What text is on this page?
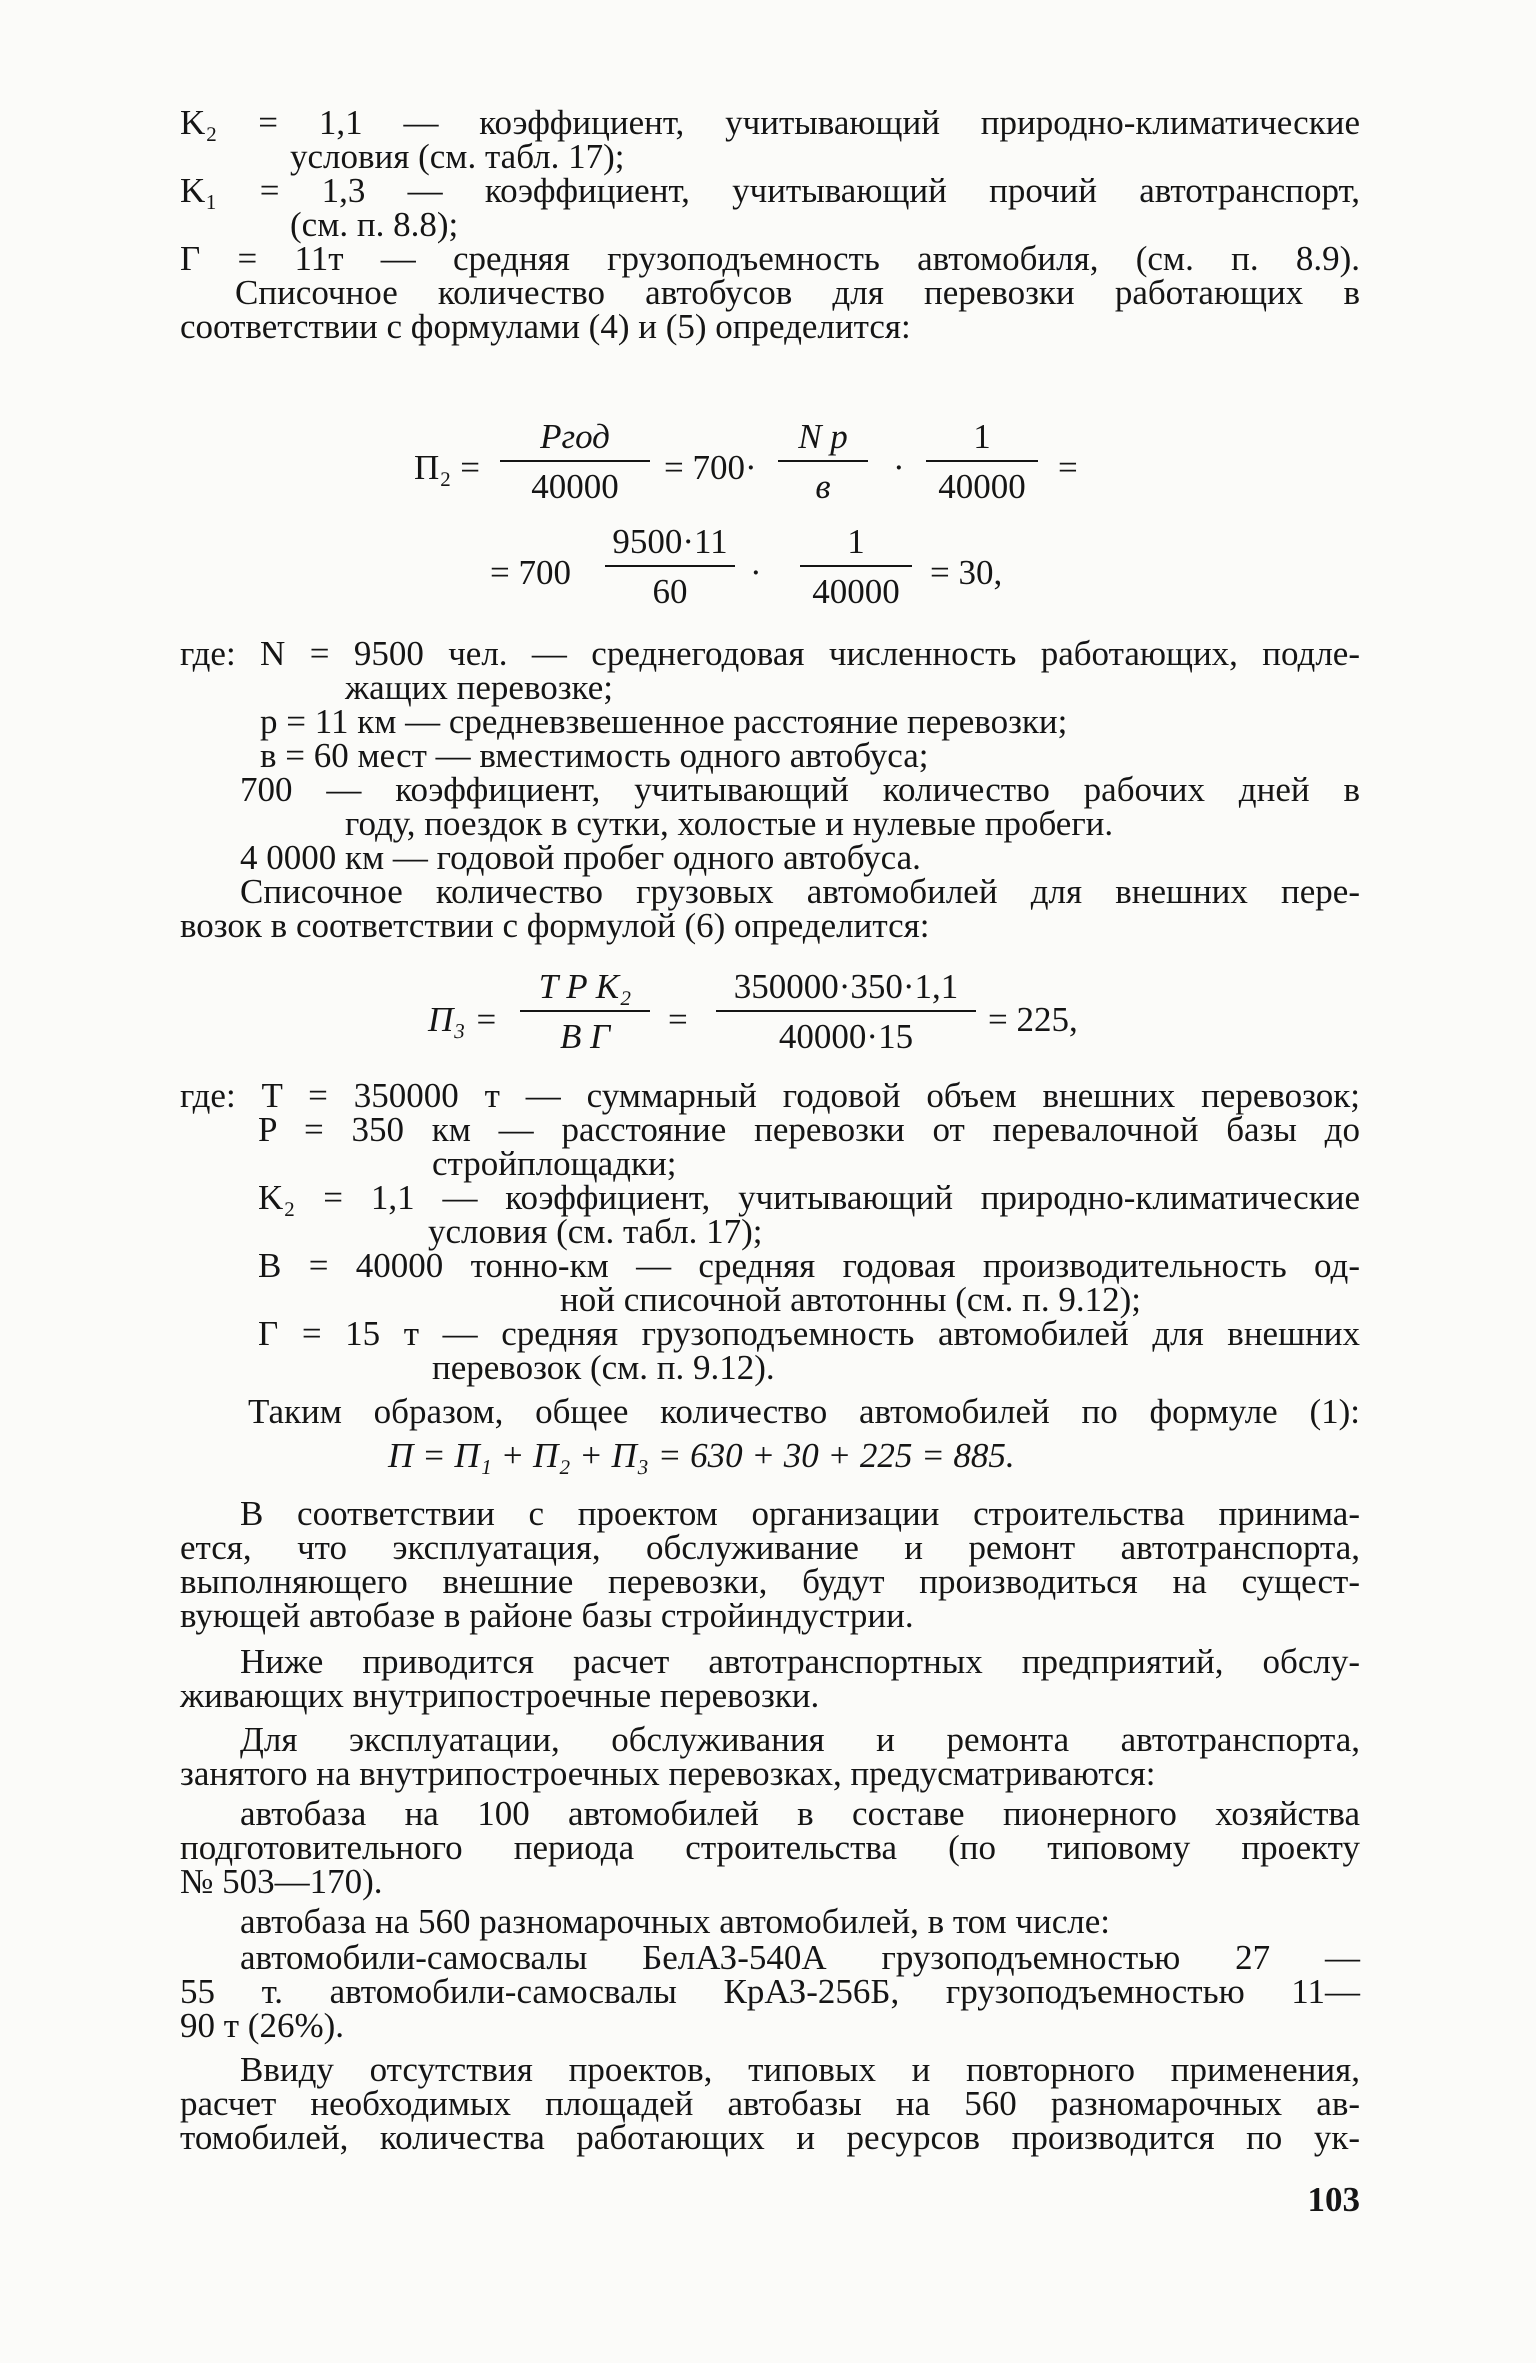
K₂ = 1,1 — коэффициент, учитывающий природно-климатические
условия (см. табл. 17);
K₁ = 1,3 — коэффициент, учитывающий прочий автотранспорт,
(см. п. 8.8);
Г = 11т — средняя грузоподъемность автомобиля, (см. п. 8.9).
Списочное количество автобусов для перевозки работающих в
соответствии с формулами (4) и (5) определится:
П₂ =
Pгод
40000	= 700·
N p
в	·
1
40000 =
= 700
9500·11
60	·
1
40000 = 30,
где: N = 9500 чел. — среднегодовая численность работающих, подле-
жащих перевозке;
p = 11 км — средневзвешенное расстояние перевозки;
в = 60 мест — вместимость одного автобуса;
700 — коэффициент, учитывающий количество рабочих дней в
году, поездок в сутки, холостые и нулевые пробеги.
4 0000 км — годовой пробег одного автобуса.
Списочное количество грузовых автомобилей для внешних пере-
возок в соответствии с формулой (6) определится:
П₃ =
T P K₂
B Г	=
350000·350·1,1
40000·15	= 225,
где: T = 350000 т — суммарный годовой объем внешних перевозок;
P = 350 км — расстояние перевозки от перевалочной базы до
стройплощадки;
K₂ = 1,1 — коэффициент, учитывающий природно-климатические
условия (см. табл. 17);
B = 40000 тонно-км — средняя годовая производительность од-
ной списочной автотонны (см. п. 9.12);
Г = 15 т — средняя грузоподъемность автомобилей для внешних
перевозок (см. п. 9.12).
Таким образом, общее количество автомобилей по формуле (1):
П = П₁ + П₂ + П₃ = 630 + 30 + 225 = 885.
В соответствии с проектом организации строительства принима-
ется, что эксплуатация, обслуживание и ремонт автотранспорта,
выполняющего внешние перевозки, будут производиться на сущест-
вующей автобазе в районе базы стройиндустрии.
Ниже приводится расчет автотранспортных предприятий, обслу-
живающих внутрипостроечные перевозки.
Для эксплуатации, обслуживания и ремонта автотранспорта,
занятого на внутрипостроечных перевозках, предусматриваются:
автобаза на 100 автомобилей в составе пионерного хозяйства
подготовительного периода строительства (по типовому проекту
№ 503—170).
автобаза на 560 разномарочных автомобилей, в том числе:
автомобили-самосвалы БелАЗ-540А грузоподъемностью 27 —
55 т. автомобили-самосвалы КрАЗ-256Б, грузоподъемностью 11—
90 т (26%).
Ввиду отсутствия проектов, типовых и повторного применения,
расчет необходимых площадей автобазы на 560 разномарочных ав-
томобилей, количества работающих и ресурсов производится по ук-
103
